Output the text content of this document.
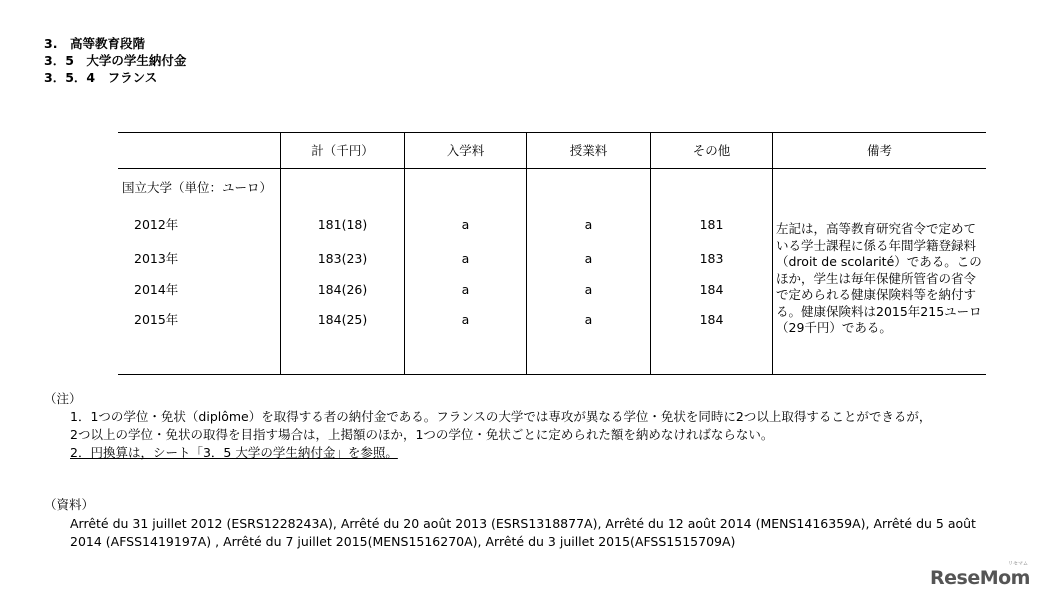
3.　高等教育段階
3．5　大学の学生納付金
3．5．4　フランス
計（千円）	入学料	授業料	その他	備考
国立大学（単位：ユーロ）
2012年	181(18)	a	a	181
2013年	183(23)	a	a	183
2014年	184(26)	a	a	184
2015年	184(25)	a	a	184
左記は，高等教育研究省令で定めている学士課程に係る年間学籍登録料（droit de scolarité）である。このほか，学生は毎年保健所管省の省令で定められる健康保険料等を納付する。健康保険料は2015年215ユーロ（29千円）である。
（注）
1．1つの学位・免状（diplôme）を取得する者の納付金である。フランスの大学では専攻が異なる学位・免状を同時に2つ以上取得することができるが，
2つ以上の学位・免状の取得を目指す場合は，上掲額のほか，1つの学位・免状ごとに定められた額を納めなければならない。
2．円換算は，シート「3．5 大学の学生納付金」を参照。
（資料）
Arrêté du 31 juillet 2012 (ESRS1228243A), Arrêté du 20 août 2013 (ESRS1318877A), Arrêté du 12 août 2014 (MENS1416359A), Arrêté du 5 août
2014 (AFSS1419197A) , Arrêté du 7 juillet 2015(MENS1516270A), Arrêté du 3 juillet 2015(AFSS1515709A)
ReseMom
リセマム
